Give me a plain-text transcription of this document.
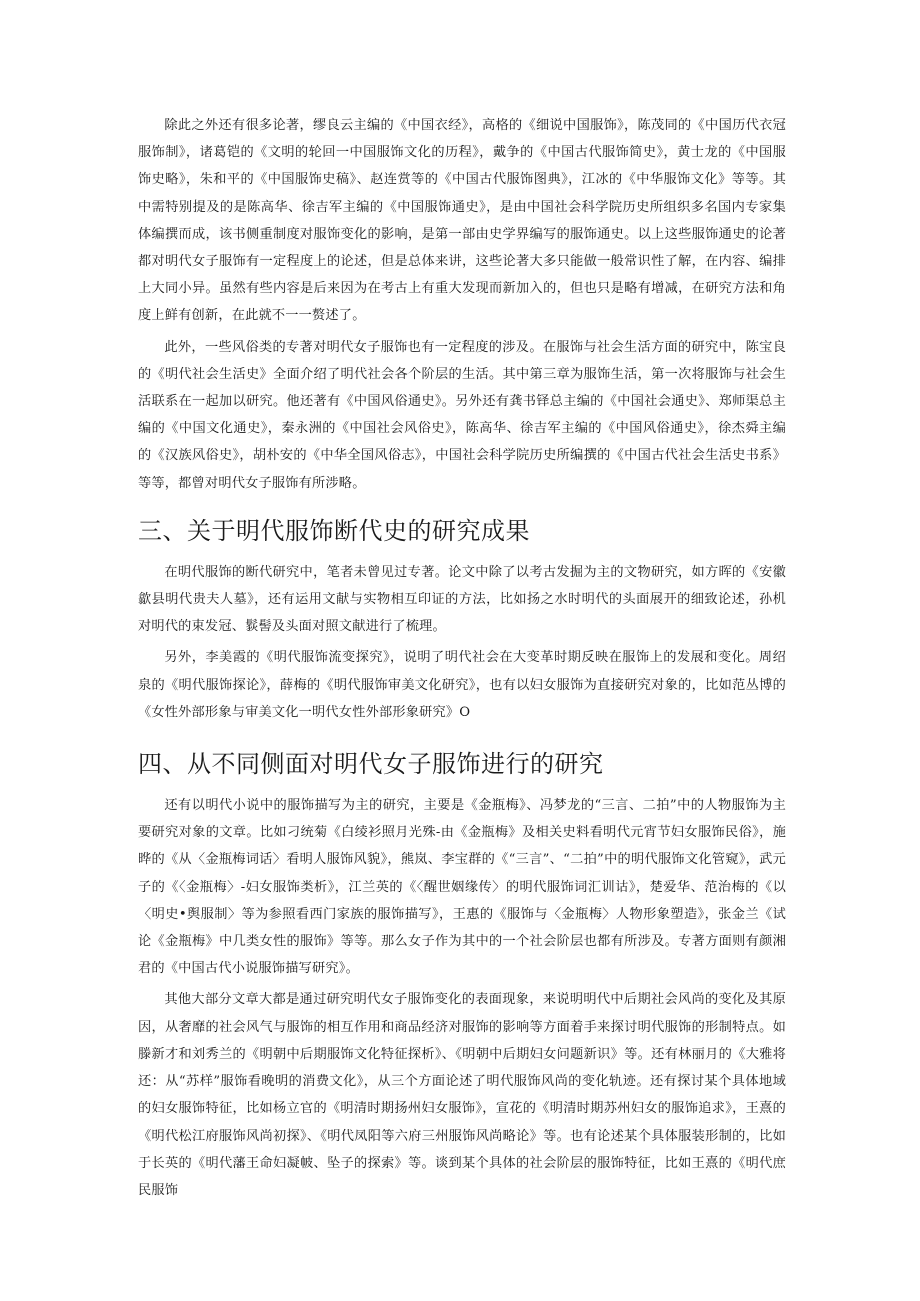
除此之外还有很多论著，缪良云主编的《中国衣经》，高格的《细说中国服饰》，陈茂同的《中国历代衣冠服饰制》，诸葛铠的《文明的轮回一中国服饰文化的历程》，戴争的《中国古代服饰简史》，黄士龙的《中国服饰史略》，朱和平的《中国服饰史稿》、赵连赏等的《中国古代服饰图典》，江冰的《中华服饰文化》等等。其中需特别提及的是陈高华、徐吉军主编的《中国服饰通史》，是由中国社会科学院历史所组织多名国内专家集体编撰而成，该书侧重制度对服饰变化的影响，是第一部由史学界编写的服饰通史。以上这些服饰通史的论著都对明代女子服饰有一定程度上的论述，但是总体来讲，这些论著大多只能做一般常识性了解，在内容、编排上大同小异。虽然有些内容是后来因为在考古上有重大发现而新加入的，但也只是略有增减，在研究方法和角度上鲜有创新，在此就不一一赘述了。

此外，一些风俗类的专著对明代女子服饰也有一定程度的涉及。在服饰与社会生活方面的研究中，陈宝良的《明代社会生活史》全面介绍了明代社会各个阶层的生活。其中第三章为服饰生活，第一次将服饰与社会生活联系在一起加以研究。他还著有《中国风俗通史》。另外还有龚书铎总主编的《中国社会通史》、郑师渠总主编的《中国文化通史》，秦永洲的《中国社会风俗史》，陈高华、徐吉军主编的《中国风俗通史》，徐杰舜主编的《汉族风俗史》，胡朴安的《中华全国风俗志》，中国社会科学院历史所编撰的《中国古代社会生活史书系》等等，都曾对明代女子服饰有所涉略。

三、关于明代服饰断代史的研究成果

在明代服饰的断代研究中，笔者未曾见过专著。论文中除了以考古发掘为主的文物研究，如方晖的《安徽歙县明代贵夫人墓》，还有运用文献与实物相互印证的方法，比如扬之水时明代的头面展开的细致论述，孙机对明代的束发冠、䯼髻及头面对照文献进行了梳理。

另外，李美霞的《明代服饰流变探究》，说明了明代社会在大变革时期反映在服饰上的发展和变化。周绍泉的《明代服饰探论》，薛梅的《明代服饰审美文化研究》，也有以妇女服饰为直接研究对象的，比如范丛博的《女性外部形象与审美文化一明代女性外部形象研究》O

四、从不同侧面对明代女子服饰进行的研究

还有以明代小说中的服饰描写为主的研究，主要是《金瓶梅》、冯梦龙的“三言、二拍”中的人物服饰为主要研究对象的文章。比如刁统菊《白绫衫照月光殊-由《金瓶梅》及相关史料看明代元宵节妇女服饰民俗》，施晔的《从〈金瓶梅词话〉看明人服饰风貌》，熊岚、李宝群的《“三言”、“二拍”中的明代服饰文化管窥》，武元子的《〈金瓶梅〉-妇女服饰类析》，江兰英的《〈醒世姻缘传〉的明代服饰词汇训诂》，楚爱华、范治梅的《以〈明史•舆服制〉等为参照看西门家族的服饰描写》，王惠的《服饰与〈金瓶梅〉人物形象塑造》，张金兰《试论《金瓶梅》中几类女性的服饰》等等。那么女子作为其中的一个社会阶层也都有所涉及。专著方面则有颜湘君的《中国古代小说服饰描写研究》。

其他大部分文章大都是通过研究明代女子服饰变化的表面现象，来说明明代中后期社会风尚的变化及其原因，从奢靡的社会风气与服饰的相互作用和商品经济对服饰的影响等方面着手来探讨明代服饰的形制特点。如滕新才和刘秀兰的《明朝中后期服饰文化特征探析》、《明朝中后期妇女问题新识》等。还有林丽月的《大雅将还：从“苏样”服饰看晚明的消费文化》，从三个方面论述了明代服饰风尚的变化轨迹。还有探讨某个具体地域的妇女服饰特征，比如杨立官的《明清时期扬州妇女服饰》，宣花的《明清时期苏州妇女的服饰追求》，王熹的《明代松江府服饰风尚初探》、《明代凤阳等六府三州服饰风尚略论》等。也有论述某个具体服装形制的，比如于长英的《明代藩王命妇凝帔、坠子的探索》等。谈到某个具体的社会阶层的服饰特征，比如王熹的《明代庶民服饰
